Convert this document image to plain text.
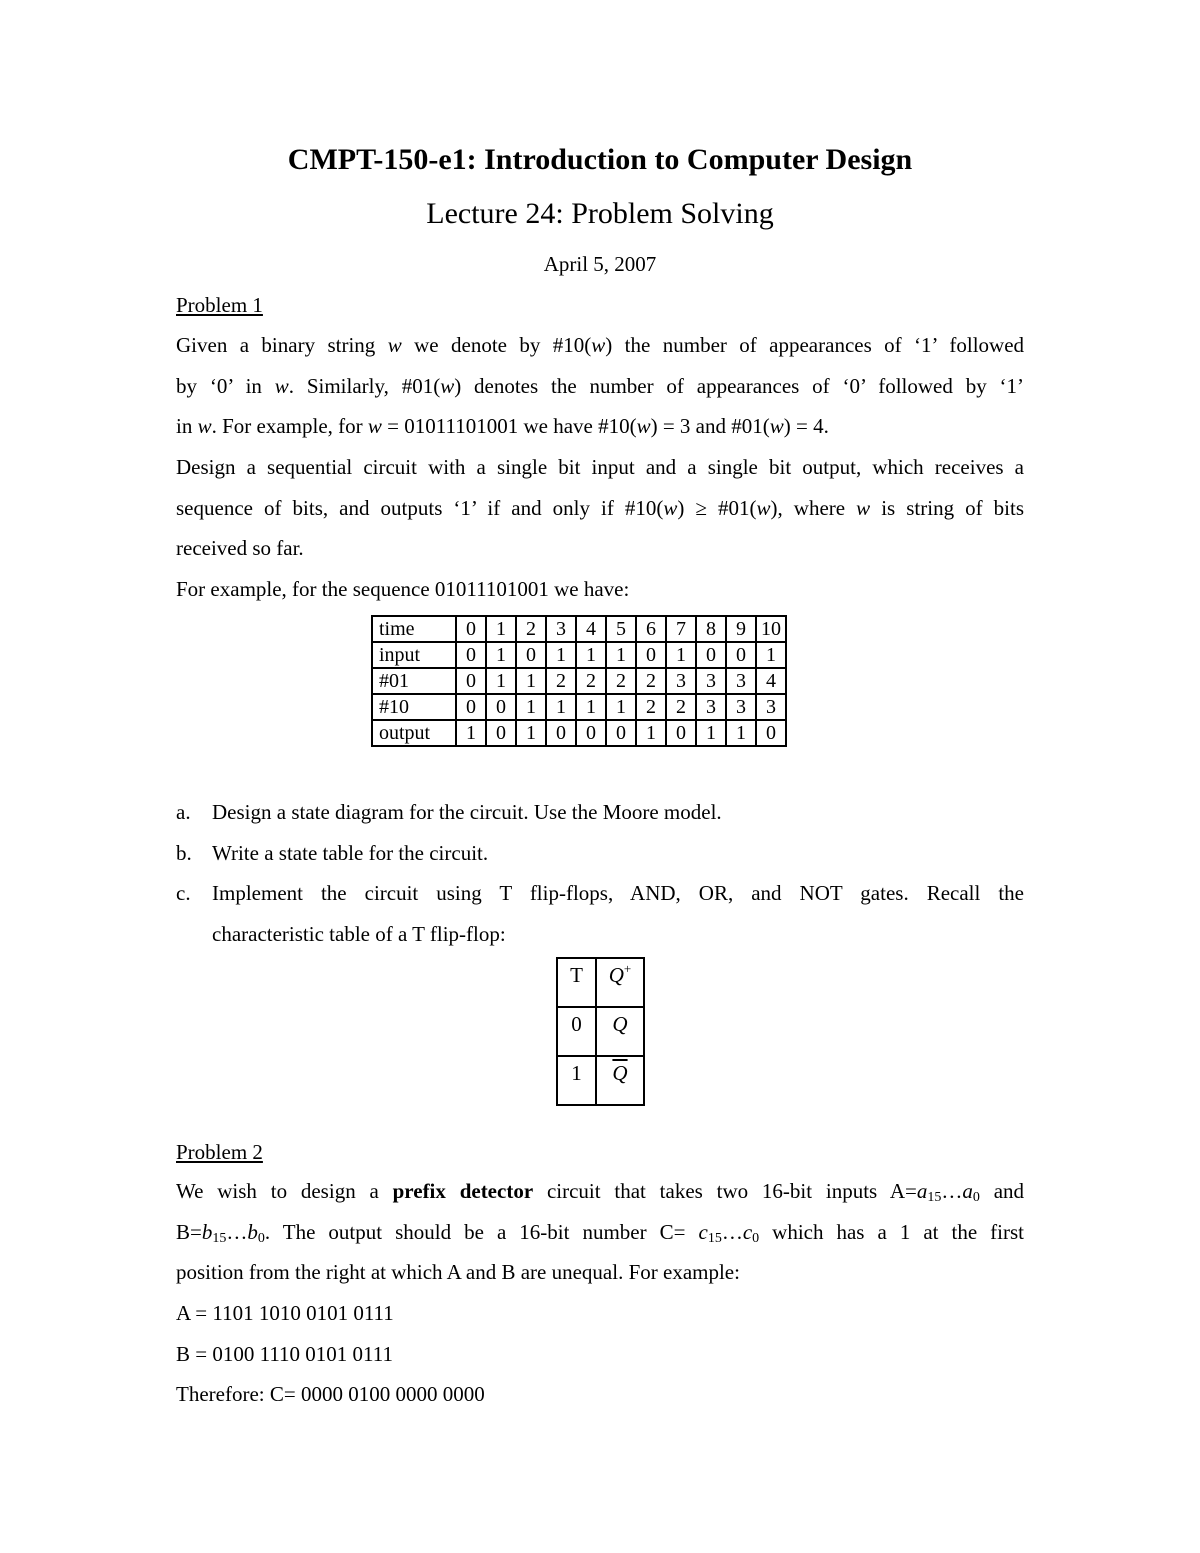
CMPT-150-e1: Introduction to Computer Design
Lecture 24: Problem Solving
April 5, 2007
Problem 1
Given a binary string w we denote by #10(w) the number of appearances of ‘1’ followed
by ‘0’ in w. Similarly, #01(w) denotes the number of appearances of ‘0’ followed by ‘1’
in w. For example, for w = 01011101001 we have #10(w) = 3 and #01(w) = 4.
Design a sequential circuit with a single bit input and a single bit output, which receives a
sequence of bits, and outputs ‘1’ if and only if #10(w) ≥ #01(w), where w is string of bits
received so far.
For example, for the sequence 01011101001 we have:
time	0	1	2	3	4	5	6	7	8	9	10
input	0	1	0	1	1	1	0	1	0	0	1
#01	0	1	1	2	2	2	2	3	3	3	4
#10	0	0	1	1	1	1	2	2	3	3	3
output	1	0	1	0	0	0	1	0	1	1	0
a. Design a state diagram for the circuit. Use the Moore model.
b. Write a state table for the circuit.
c. Implement the circuit using T flip-flops, AND, OR, and NOT gates. Recall the
characteristic table of a T flip-flop:
T	Q+
0	Q
1	$\overline{Q}$
Problem 2
We wish to design a prefix detector circuit that takes two 16-bit inputs $A=a_{15}\dots a_0$ and
$B=b_{15}\dots b_0$. The output should be a 16-bit number $C= c_{15}\dots c_0$ which has a 1 at the first
position from the right at which A and B are unequal. For example:
A = 1101 1010 0101 0111
B = 0100 1110 0101 0111
Therefore: C= 0000 0100 0000 0000
